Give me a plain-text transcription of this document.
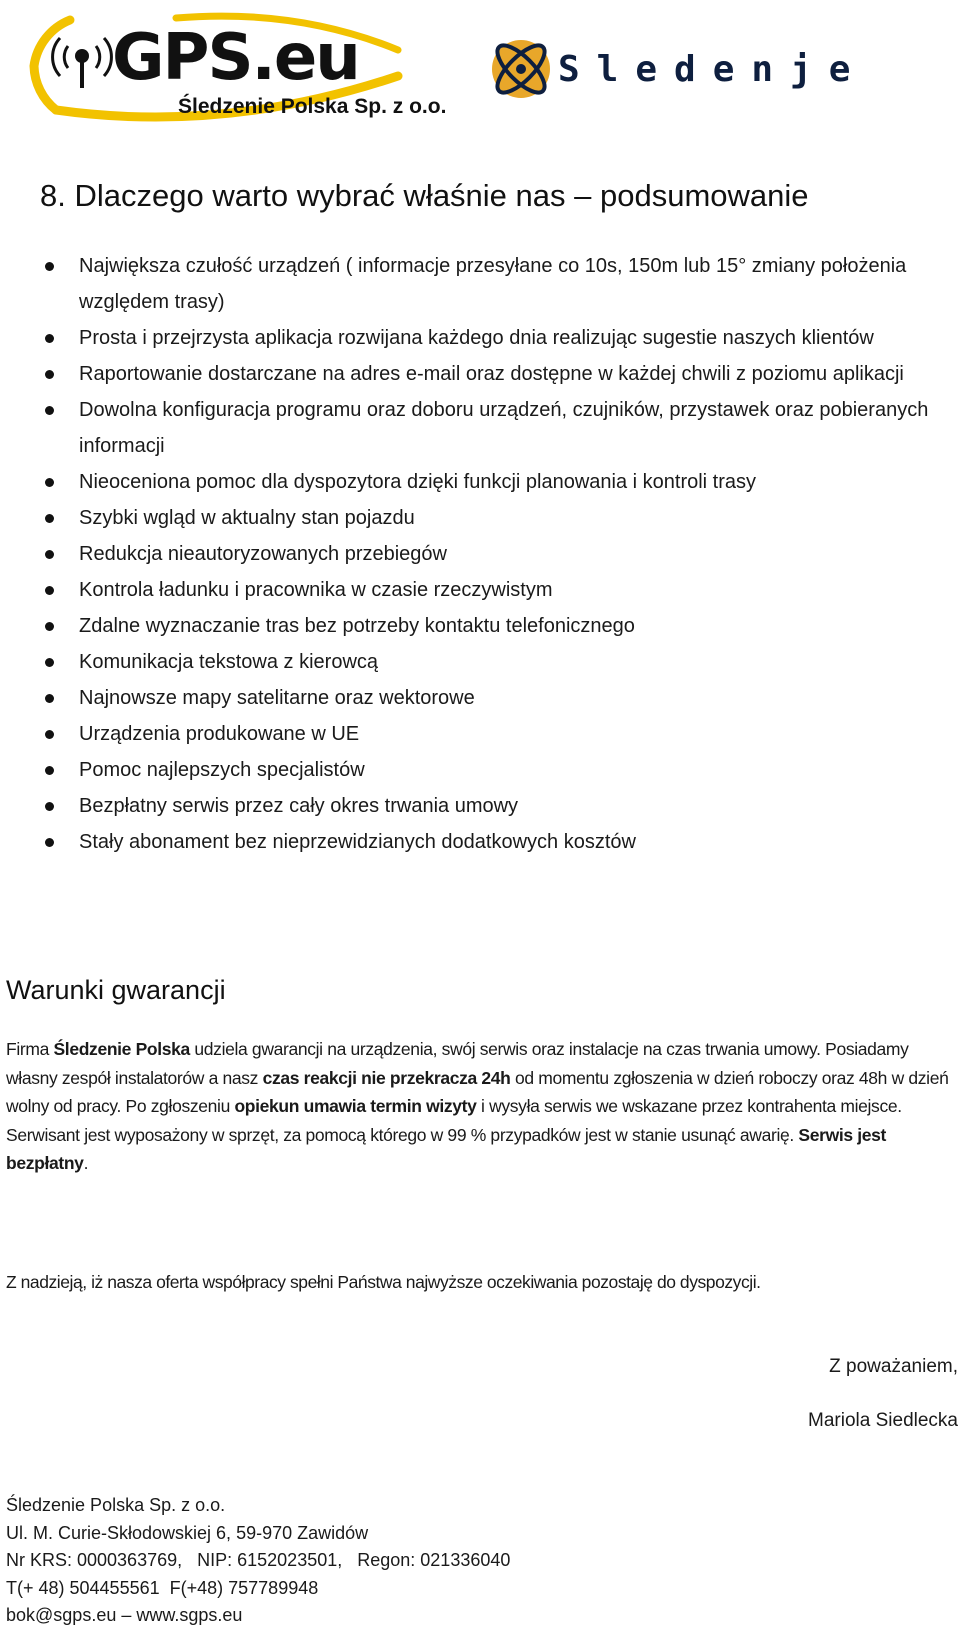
GPS.eu
Śledzenie Polska Sp. z o.o.
Sledenje
8. Dlaczego warto wybrać właśnie nas – podsumowanie
Największa czułość urządzeń ( informacje przesyłane co 10s, 150m lub 15° zmiany położenia względem trasy)
Prosta i przejrzysta aplikacja rozwijana każdego dnia realizując sugestie naszych klientów
Raportowanie dostarczane na adres e-mail oraz dostępne w każdej chwili z poziomu aplikacji
Dowolna konfiguracja programu oraz doboru urządzeń, czujników, przystawek oraz pobieranych informacji
Nieoceniona pomoc dla dyspozytora dzięki funkcji planowania i kontroli trasy
Szybki wgląd w aktualny stan pojazdu
Redukcja nieautoryzowanych przebiegów
Kontrola ładunku i pracownika w czasie rzeczywistym
Zdalne wyznaczanie tras bez potrzeby kontaktu telefonicznego
Komunikacja tekstowa z kierowcą
Najnowsze mapy satelitarne oraz wektorowe
Urządzenia produkowane w UE
Pomoc najlepszych specjalistów
Bezpłatny serwis przez cały okres trwania umowy
Stały abonament bez nieprzewidzianych dodatkowych kosztów
Warunki gwarancji

Firma Śledzenie Polska udziela gwarancji na urządzenia, swój serwis oraz instalacje na czas trwania umowy. Posiadamy własny zespół instalatorów a nasz czas reakcji nie przekracza 24h od momentu zgłoszenia w dzień roboczy oraz 48h w dzień wolny od pracy. Po zgłoszeniu opiekun umawia termin wizyty i wysyła serwis we wskazane przez kontrahenta miejsce. Serwisant jest wyposażony w sprzęt, za pomocą którego w 99 % przypadków jest w stanie usunąć awarię. Serwis jest bezpłatny.

Z nadzieją, iż nasza oferta współpracy spełni Państwa najwyższe oczekiwania pozostaję do dyspozycji.

Z poważaniem,

Mariola Siedlecka

Śledzenie Polska Sp. z o.o.
Ul. M. Curie-Skłodowskiej 6, 59-970 Zawidów
Nr KRS: 0000363769,   NIP: 6152023501,   Regon: 021336040
T(+ 48) 504455561  F(+48) 757789948
bok@sgps.eu – www.sgps.eu
